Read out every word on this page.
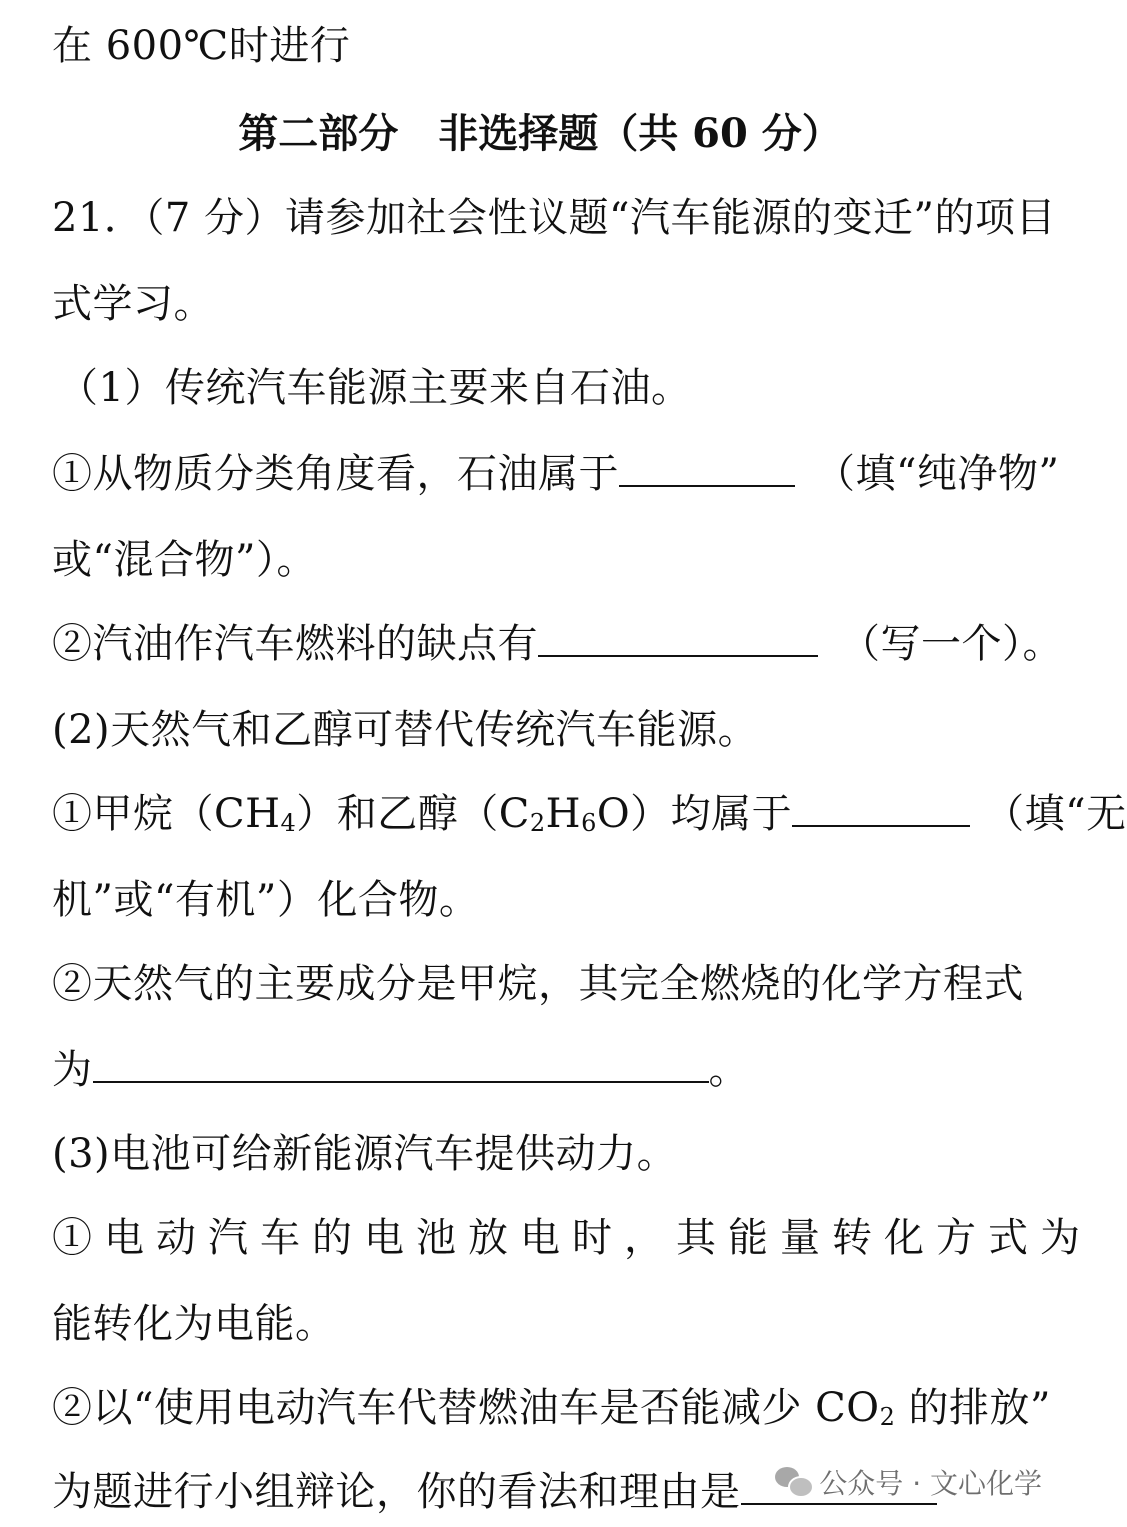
在 600℃时进行
第二部分　非选择题（共 60 分）
21．（7 分）请参加社会性议题“汽车能源的变迁”的项目
式学习。
（1）传统汽车能源主要来自石油。
①从物质分类角度看，石油属于	（填“纯净物”
或“混合物”）。
②汽油作汽车燃料的缺点有	（写一个）。
(2)天然气和乙醇可替代传统汽车能源。
①甲烷$(CH_4)$和乙醇$(C_2H_6O)$均属于	（填“无
机”或“有机”）化合物。
②天然气的主要成分是甲烷，其完全燃烧的化学方程式
为	。
(3)电池可给新能源汽车提供动力。
①电动汽车的电池放电时，其能量转化方式为
能转化为电能。
②以“使用电动汽车代替燃油车是否能减少 $CO_2$ 的排放”
为题进行小组辩论，你的看法和理由是	公众号 · 文心化学
